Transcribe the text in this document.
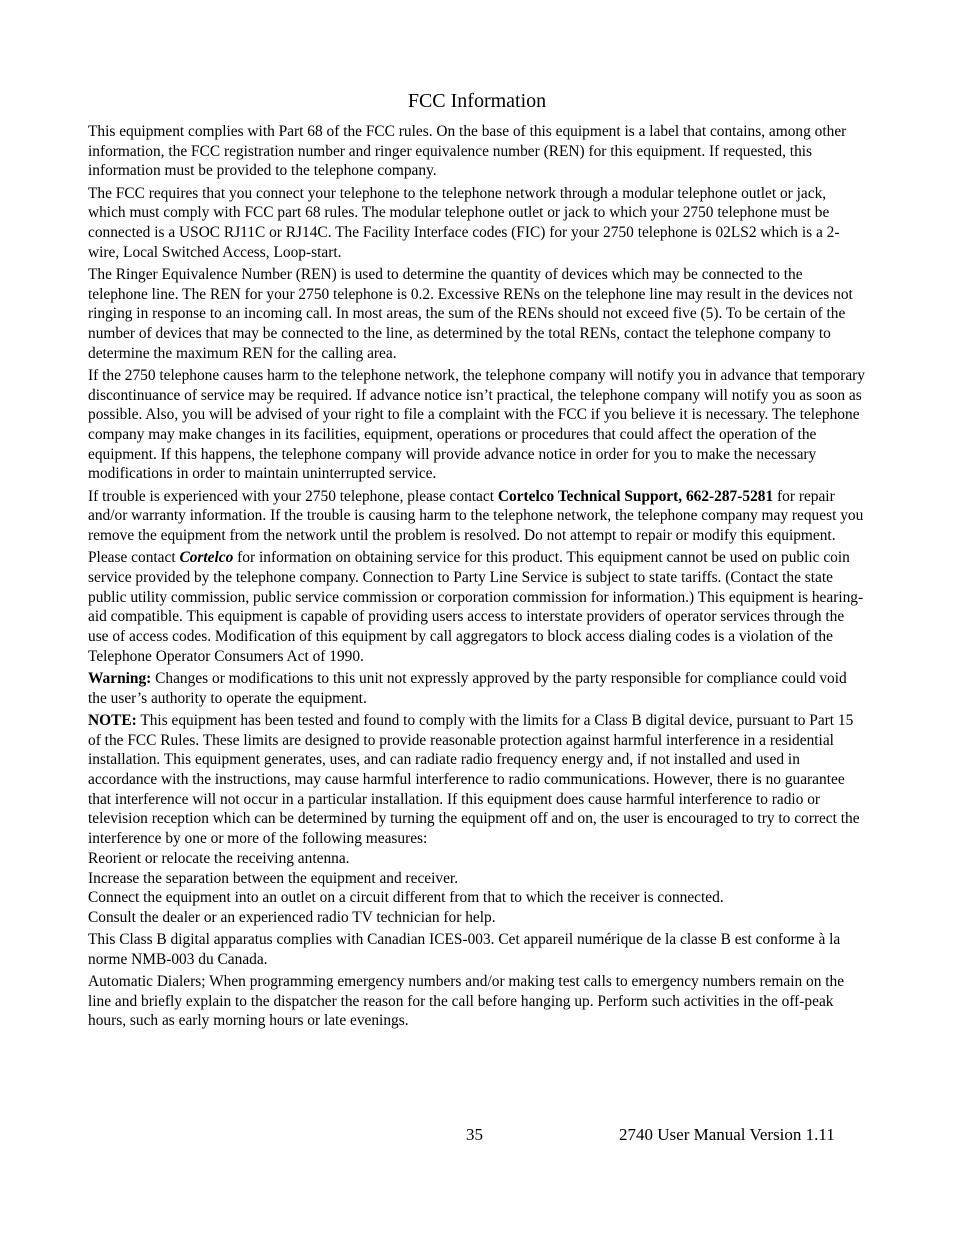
FCC Information

This equipment complies with Part 68 of the FCC rules. On the base of this equipment is a label that contains, among other information, the FCC registration number and ringer equivalence number (REN) for this equipment. If requested, this information must be provided to the telephone company.

The FCC requires that you connect your telephone to the telephone network through a modular telephone outlet or jack, which must comply with FCC part 68 rules. The modular telephone outlet or jack to which your 2750 telephone must be connected is a USOC RJ11C or RJ14C. The Facility Interface codes (FIC) for your 2750 telephone is 02LS2 which is a 2- wire, Local Switched Access, Loop-start.

The Ringer Equivalence Number (REN) is used to determine the quantity of devices which may be connected to the telephone line. The REN for your 2750 telephone is 0.2. Excessive RENs on the telephone line may result in the devices not ringing in response to an incoming call. In most areas, the sum of the RENs should not exceed five (5). To be certain of the number of devices that may be connected to the line, as determined by the total RENs, contact the telephone company to determine the maximum REN for the calling area.

If the 2750 telephone causes harm to the telephone network, the telephone company will notify you in advance that temporary discontinuance of service may be required. If advance notice isn’t practical, the telephone company will notify you as soon as possible. Also, you will be advised of your right to file a complaint with the FCC if you believe it is necessary. The telephone company may make changes in its facilities, equipment, operations or procedures that could affect the operation of the equipment. If this happens, the telephone company will provide advance notice in order for you to make the necessary modifications in order to maintain uninterrupted service.

If trouble is experienced with your 2750 telephone, please contact Cortelco Technical Support, 662-287-5281 for repair and/or warranty information. If the trouble is causing harm to the telephone network, the telephone company may request you remove the equipment from the network until the problem is resolved. Do not attempt to repair or modify this equipment.

Please contact Cortelco for information on obtaining service for this product. This equipment cannot be used on public coin service provided by the telephone company. Connection to Party Line Service is subject to state tariffs. (Contact the state public utility commission, public service commission or corporation commission for information.) This equipment is hearing-aid compatible. This equipment is capable of providing users access to interstate providers of operator services through the use of access codes. Modification of this equipment by call aggregators to block access dialing codes is a violation of the Telephone Operator Consumers Act of 1990.

Warning: Changes or modifications to this unit not expressly approved by the party responsible for compliance could void the user’s authority to operate the equipment.

NOTE: This equipment has been tested and found to comply with the limits for a Class B digital device, pursuant to Part 15 of the FCC Rules. These limits are designed to provide reasonable protection against harmful interference in a residential installation. This equipment generates, uses, and can radiate radio frequency energy and, if not installed and used in accordance with the instructions, may cause harmful interference to radio communications. However, there is no guarantee that interference will not occur in a particular installation. If this equipment does cause harmful interference to radio or television reception which can be determined by turning the equipment off and on, the user is encouraged to try to correct the interference by one or more of the following measures:

Reorient or relocate the receiving antenna.

Increase the separation between the equipment and receiver.

Connect the equipment into an outlet on a circuit different from that to which the receiver is connected.

Consult the dealer or an experienced radio TV technician for help.

This Class B digital apparatus complies with Canadian ICES-003. Cet appareil numérique de la classe B est conforme à la norme NMB-003 du Canada.

Automatic Dialers; When programming emergency numbers and/or making test calls to emergency numbers remain on the line and briefly explain to the dispatcher the reason for the call before hanging up. Perform such activities in the off-peak hours, such as early morning hours or late evenings.

35	2740 User Manual Version 1.11
